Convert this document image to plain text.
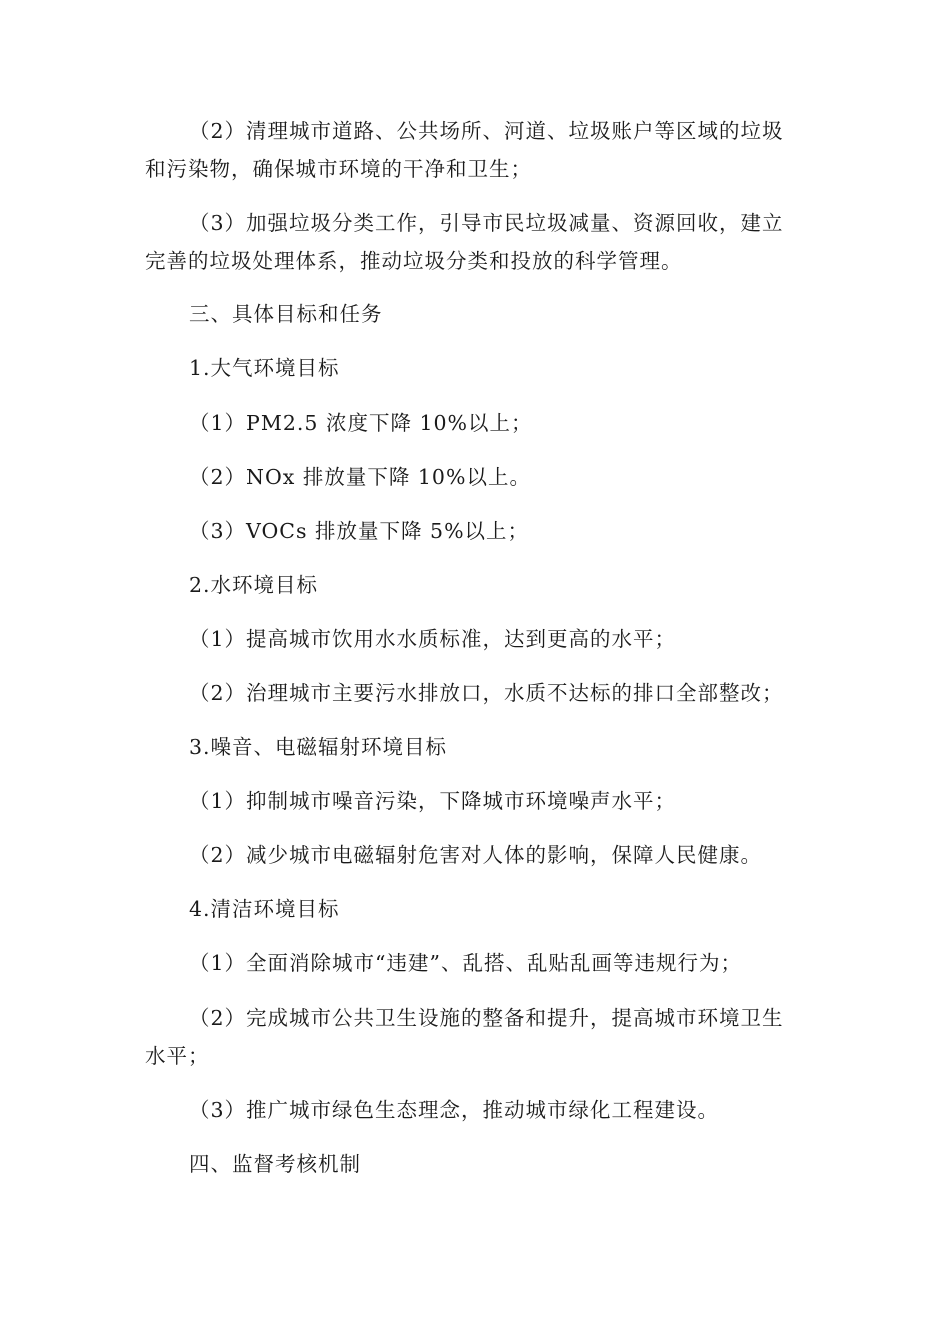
（2）清理城市道路、公共场所、河道、垃圾账户等区域的垃圾和污染物，确保城市环境的干净和卫生；

（3）加强垃圾分类工作，引导市民垃圾减量、资源回收，建立完善的垃圾处理体系，推动垃圾分类和投放的科学管理。

三、具体目标和任务

1.大气环境目标

（1）PM2.5 浓度下降 10%以上；

（2）NOx 排放量下降 10%以上。

（3）VOCs 排放量下降 5%以上；

2.水环境目标

（1）提高城市饮用水水质标准，达到更高的水平；

（2）治理城市主要污水排放口，水质不达标的排口全部整改；

3.噪音、电磁辐射环境目标

（1）抑制城市噪音污染，下降城市环境噪声水平；

（2）减少城市电磁辐射危害对人体的影响，保障人民健康。

4.清洁环境目标

（1）全面消除城市“违建”、乱搭、乱贴乱画等违规行为；

（2）完成城市公共卫生设施的整备和提升，提高城市环境卫生水平；

（3）推广城市绿色生态理念，推动城市绿化工程建设。

四、监督考核机制
